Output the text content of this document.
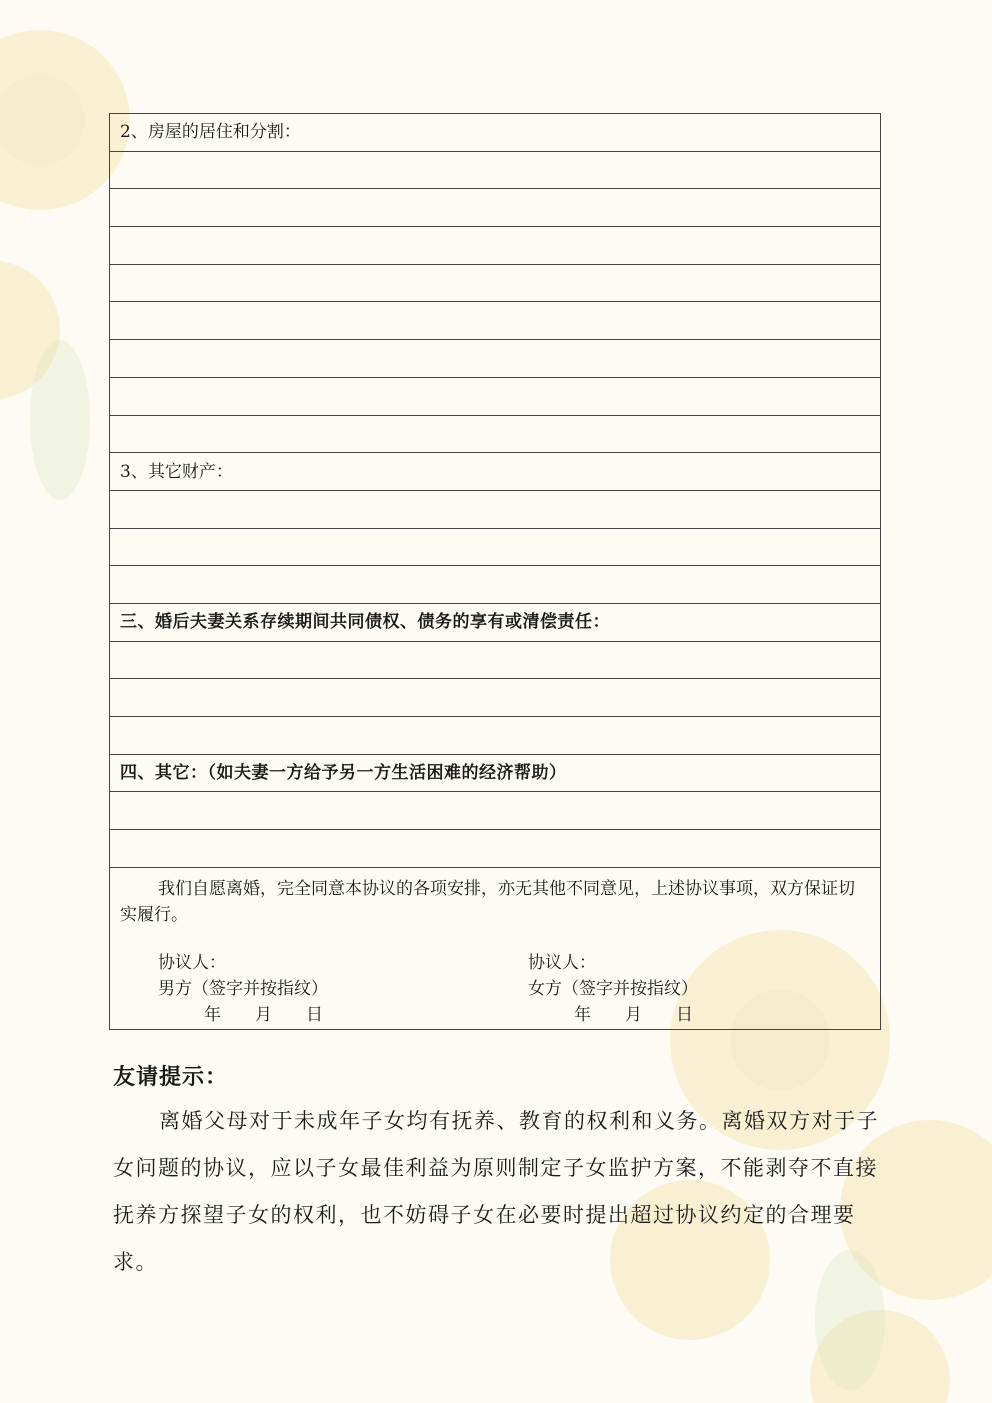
2、房屋的居住和分割：

3、其它财产：

三、婚后夫妻关系存续期间共同债权、债务的享有或清偿责任：

四、其它：（如夫妻一方给予另一方生活困难的经济帮助）

我们自愿离婚，完全同意本协议的各项安排，亦无其他不同意见，上述协议事项，双方保证切实履行。
协议人：
男方（签字并按指纹）
年　　月　　日
协议人：
女方（签字并按指纹）
年　　月　　日

友请提示：

离婚父母对于未成年子女均有抚养、教育的权利和义务。离婚双方对于子女问题的协议，应以子女最佳利益为原则制定子女监护方案，不能剥夺不直接抚养方探望子女的权利，也不妨碍子女在必要时提出超过协议约定的合理要求。
